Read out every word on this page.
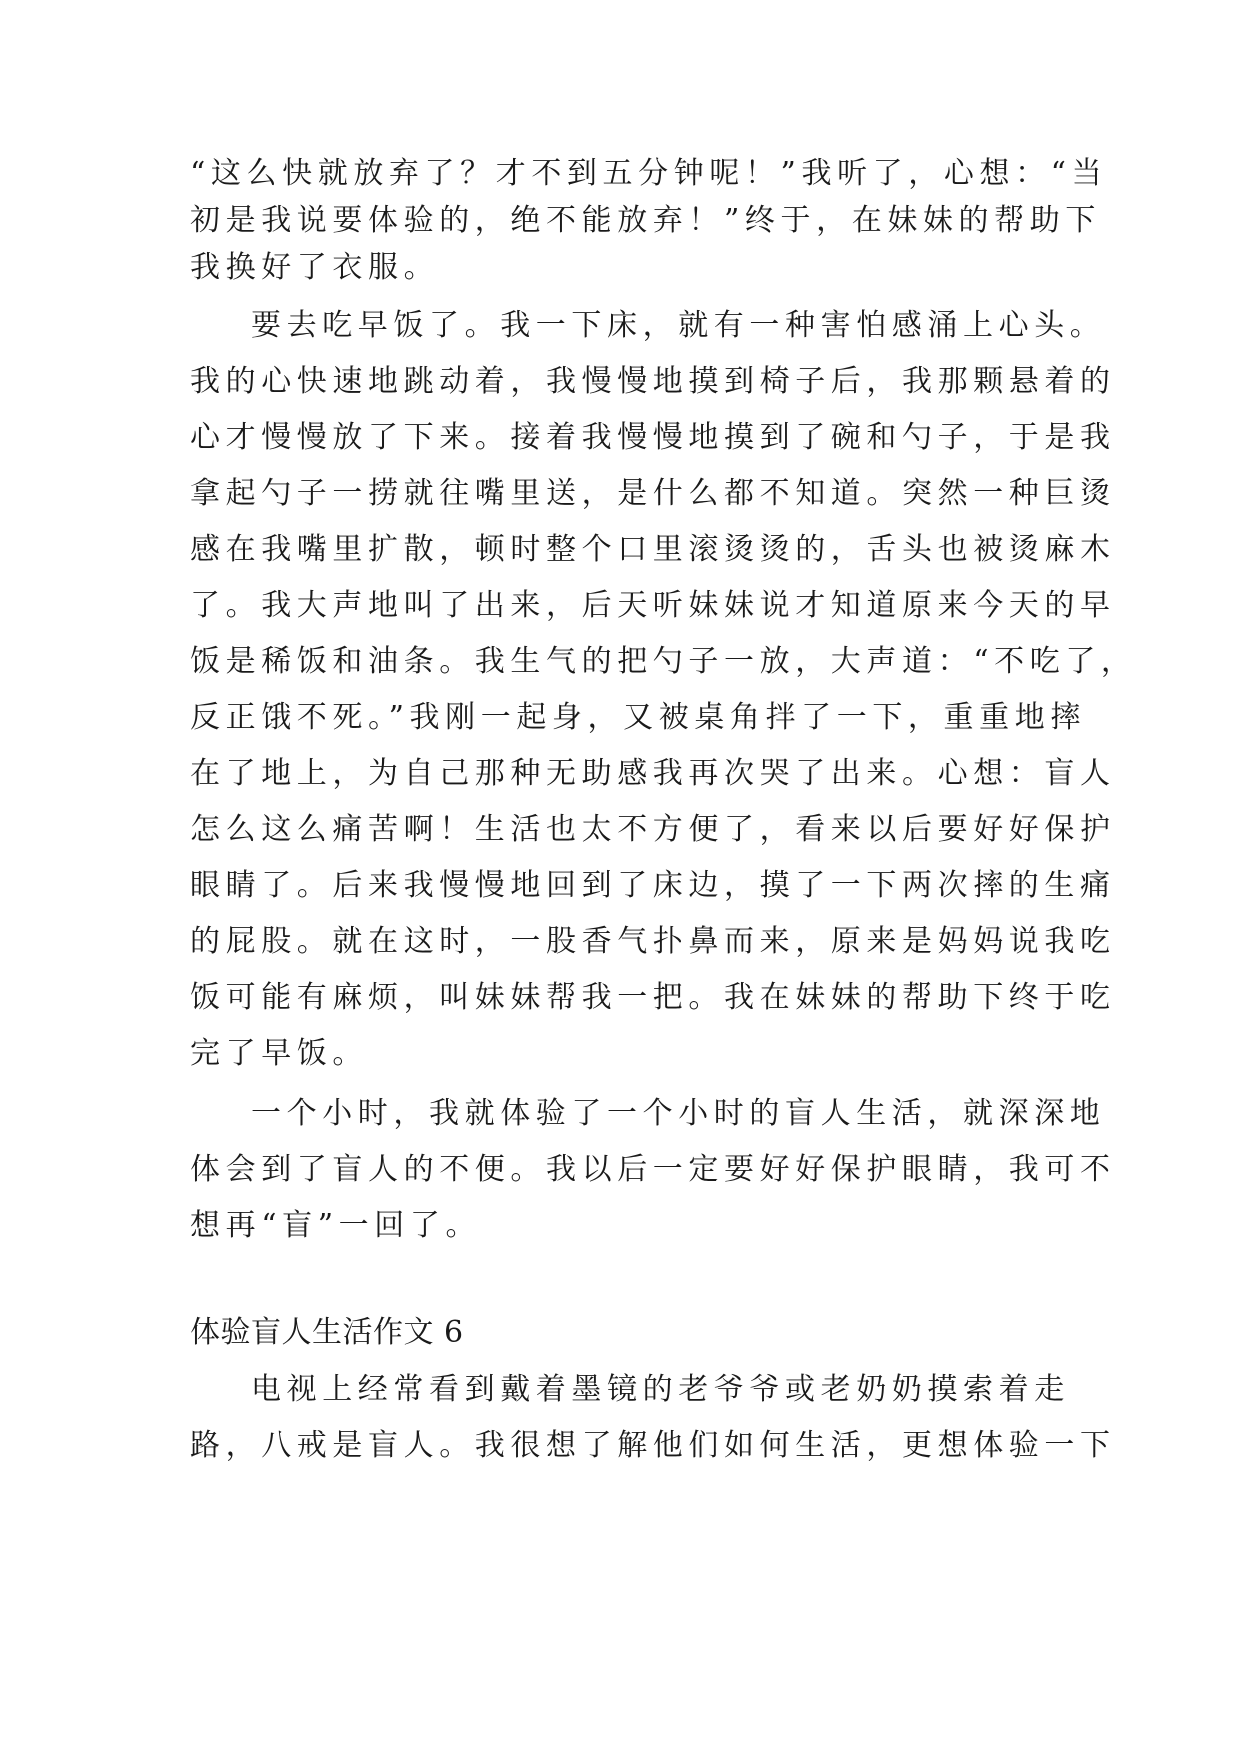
“这么快就放弃了？才不到五分钟呢！”我听了，心想：“当
初是我说要体验的，绝不能放弃！”终于，在妹妹的帮助下
我换好了衣服。
要去吃早饭了。我一下床，就有一种害怕感涌上心头。
我的心快速地跳动着，我慢慢地摸到椅子后，我那颗悬着的
心才慢慢放了下来。接着我慢慢地摸到了碗和勺子，于是我
拿起勺子一捞就往嘴里送，是什么都不知道。突然一种巨烫
感在我嘴里扩散，顿时整个口里滚烫烫的，舌头也被烫麻木
了。我大声地叫了出来，后天听妹妹说才知道原来今天的早
饭是稀饭和油条。我生气的把勺子一放，大声道：“不吃了，
反正饿不死。”我刚一起身，又被桌角拌了一下，重重地摔
在了地上，为自己那种无助感我再次哭了出来。心想：盲人
怎么这么痛苦啊！生活也太不方便了，看来以后要好好保护
眼睛了。后来我慢慢地回到了床边，摸了一下两次摔的生痛
的屁股。就在这时，一股香气扑鼻而来，原来是妈妈说我吃
饭可能有麻烦，叫妹妹帮我一把。我在妹妹的帮助下终于吃
完了早饭。
一个小时，我就体验了一个小时的盲人生活，就深深地
体会到了盲人的不便。我以后一定要好好保护眼睛，我可不
想再“盲”一回了。
体验盲人生活作文 6
电视上经常看到戴着墨镜的老爷爷或老奶奶摸索着走
路，八戒是盲人。我很想了解他们如何生活，更想体验一下
